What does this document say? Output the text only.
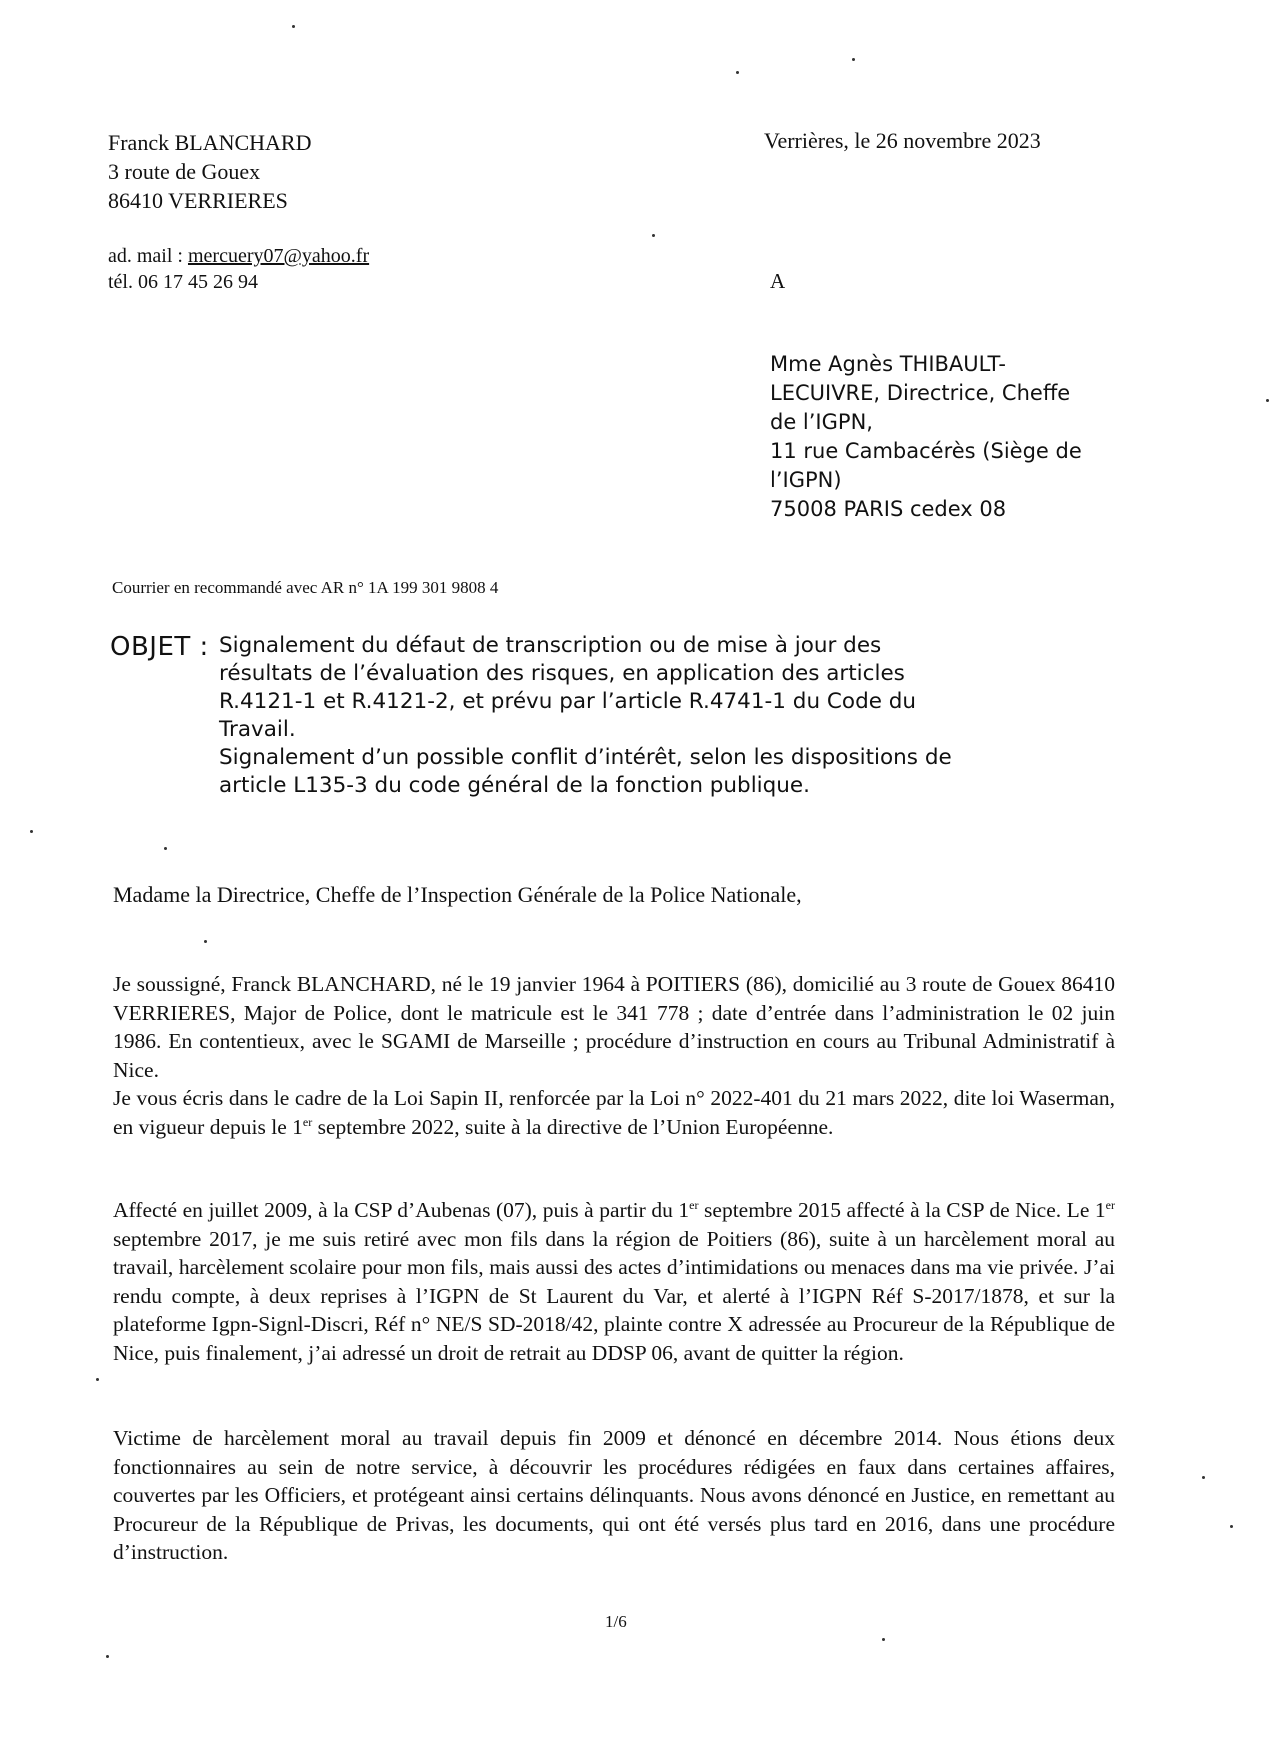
Franck BLANCHARD
3 route de Gouex
86410 VERRIERES
ad. mail : mercuery07@yahoo.fr
tél. 06 17 45 26 94
Verrières, le 26 novembre 2023
A
Mme Agnès THIBAULT-
LECUIVRE, Directrice, Cheffe
de l’IGPN,
11 rue Cambacérès (Siège de
l’IGPN)
75008 PARIS cedex 08
Courrier en recommandé avec AR n° 1A 199 301 9808 4
OBJET : Signalement du défaut de transcription ou de mise à jour des résultats de l’évaluation des risques, en application des articles R.4121-1 et R.4121-2, et prévu par l’article R.4741-1 du Code du Travail.

Signalement d’un possible conflit d’intérêt, selon les dispositions de article L135-3 du code général de la fonction publique.

Madame la Directrice, Cheffe de l’Inspection Générale de la Police Nationale,

Je soussigné, Franck BLANCHARD, né le 19 janvier 1964 à POITIERS (86), domicilié au 3 route de Gouex 86410 VERRIERES, Major de Police, dont le matricule est le 341 778 ; date d’entrée dans l’administration le 02 juin 1986. En contentieux, avec le SGAMI de Marseille ; procédure d’instruction en cours au Tribunal Administratif à Nice.

Je vous écris dans le cadre de la Loi Sapin II, renforcée par la Loi n° 2022-401 du 21 mars 2022, dite loi Waserman, en vigueur depuis le 1er septembre 2022, suite à la directive de l’Union Européenne.

Affecté en juillet 2009, à la CSP d’Aubenas (07), puis à partir du 1er septembre 2015 affecté à la CSP de Nice. Le 1er septembre 2017, je me suis retiré avec mon fils dans la région de Poitiers (86), suite à un harcèlement moral au travail, harcèlement scolaire pour mon fils, mais aussi des actes d’intimidations ou menaces dans ma vie privée. J’ai rendu compte, à deux reprises à l’IGPN de St Laurent du Var, et alerté à l’IGPN Réf S-2017/1878, et sur la plateforme Igpn-Signl-Discri, Réf n° NE/S SD-2018/42, plainte contre X adressée au Procureur de la République de Nice, puis finalement, j’ai adressé un droit de retrait au DDSP 06, avant de quitter la région.

Victime de harcèlement moral au travail depuis fin 2009 et dénoncé en décembre 2014. Nous étions deux fonctionnaires au sein de notre service, à découvrir les procédures rédigées en faux dans certaines affaires, couvertes par les Officiers, et protégeant ainsi certains délinquants. Nous avons dénoncé en Justice, en remettant au Procureur de la République de Privas, les documents, qui ont été versés plus tard en 2016, dans une procédure d’instruction.

1/6
